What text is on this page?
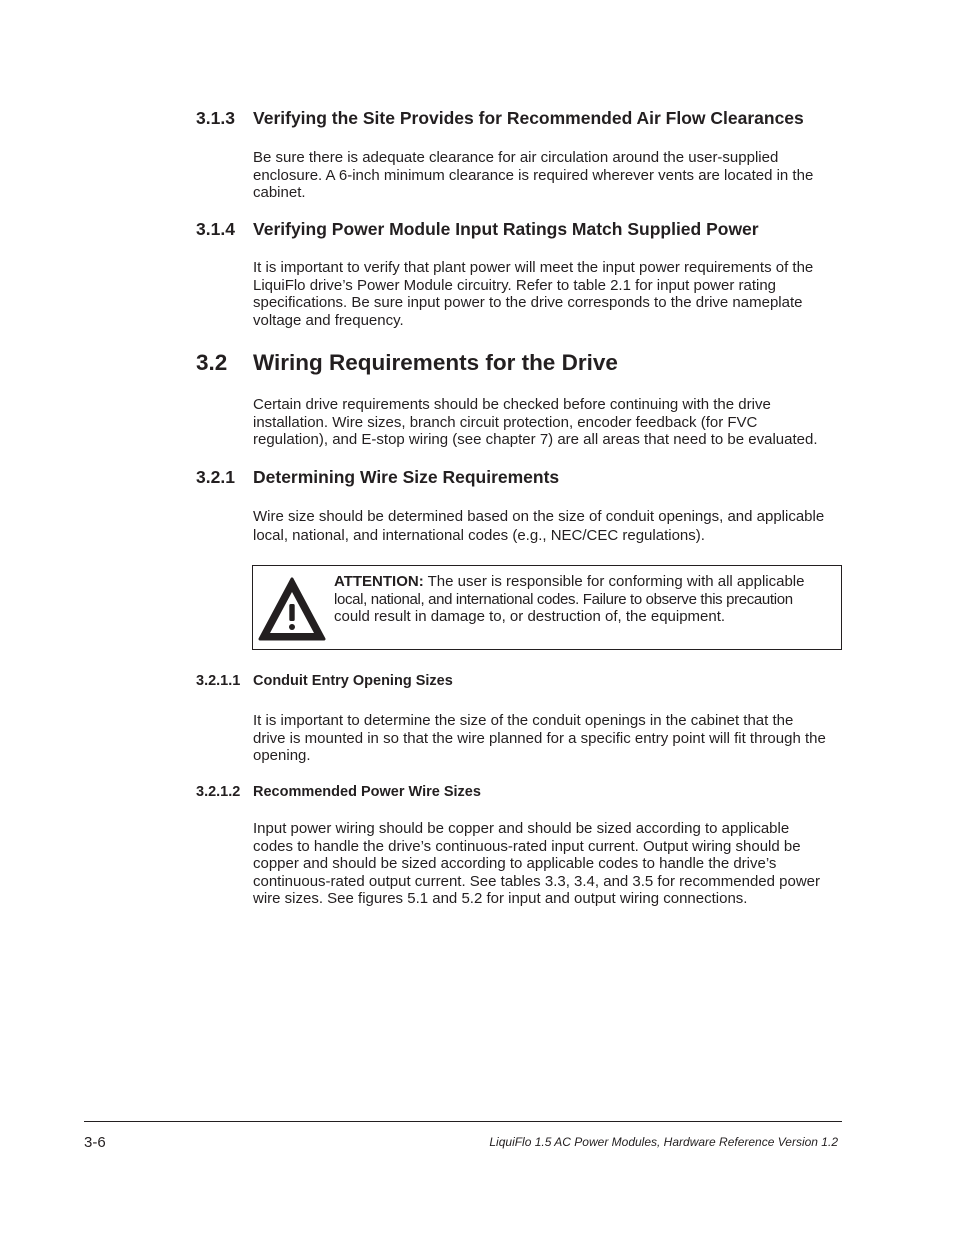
3.1.3 Verifying the Site Provides for Recommended Air Flow Clearances
Be sure there is adequate clearance for air circulation around the user-supplied
enclosure. A 6-inch minimum clearance is required wherever vents are located in the
cabinet.
3.1.4 Verifying Power Module Input Ratings Match Supplied Power
It is important to verify that plant power will meet the input power requirements of the
LiquiFlo drive’s Power Module circuitry. Refer to table 2.1 for input power rating
specifications. Be sure input power to the drive corresponds to the drive nameplate
voltage and frequency.
3.2 Wiring Requirements for the Drive
Certain drive requirements should be checked before continuing with the drive
installation. Wire sizes, branch circuit protection, encoder feedback (for FVC
regulation), and E-stop wiring (see chapter 7) are all areas that need to be evaluated.
3.2.1 Determining Wire Size Requirements
Wire size should be determined based on the size of conduit openings, and applicable
local, national, and international codes (e.g., NEC/CEC regulations).
ATTENTION: The user is responsible for conforming with all applicable
local, national, and international codes. Failure to observe this precaution
could result in damage to, or destruction of, the equipment.
3.2.1.1 Conduit Entry Opening Sizes
It is important to determine the size of the conduit openings in the cabinet that the
drive is mounted in so that the wire planned for a specific entry point will fit through the
opening.
3.2.1.2 Recommended Power Wire Sizes
Input power wiring should be copper and should be sized according to applicable
codes to handle the drive’s continuous-rated input current. Output wiring should be
copper and should be sized according to applicable codes to handle the drive’s
continuous-rated output current. See tables 3.3, 3.4, and 3.5 for recommended power
wire sizes. See figures 5.1 and 5.2 for input and output wiring connections.
3-6	LiquiFlo 1.5 AC Power Modules, Hardware Reference Version 1.2
